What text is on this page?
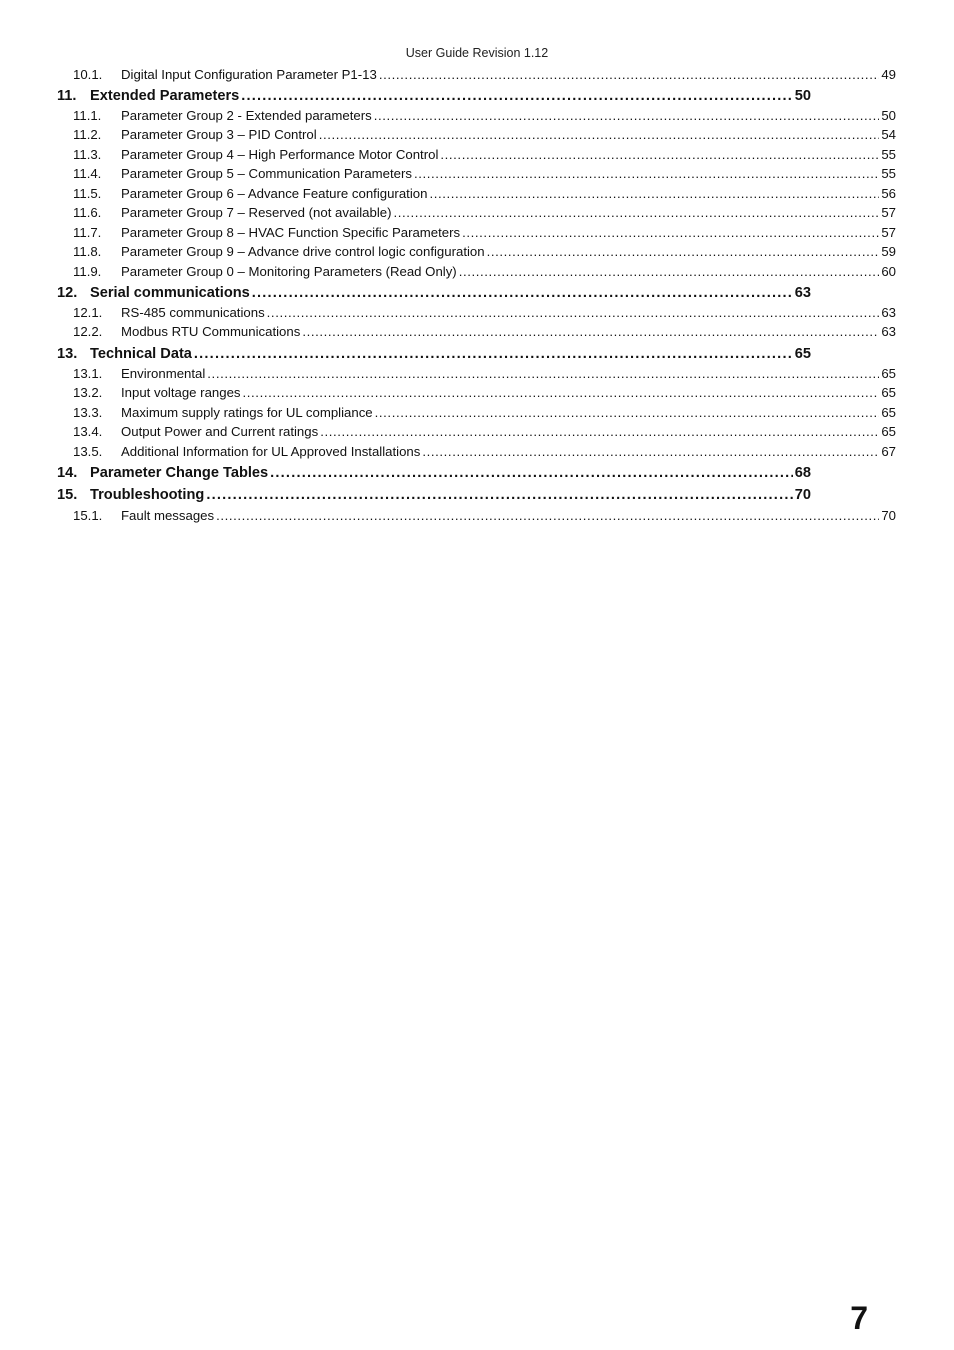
User Guide Revision 1.12
10.1.	Digital Input Configuration Parameter P1-13 .....	49
11. Extended Parameters .....	50
11.1.	Parameter Group 2 - Extended parameters .....	50
11.2.	Parameter Group 3 – PID Control .....	54
11.3.	Parameter Group 4 – High Performance Motor Control .....	55
11.4.	Parameter Group 5 – Communication Parameters .....	55
11.5.	Parameter Group 6 – Advance Feature configuration .....	56
11.6.	Parameter Group 7 – Reserved (not available) .....	57
11.7.	Parameter Group 8 – HVAC Function Specific Parameters .....	57
11.8.	Parameter Group 9 – Advance drive control logic configuration .....	59
11.9.	Parameter Group 0 – Monitoring Parameters (Read Only) .....	60
12. Serial communications .....	63
12.1.	RS-485 communications .....	63
12.2.	Modbus RTU Communications .....	63
13. Technical Data .....	65
13.1.	Environmental .....	65
13.2.	Input voltage ranges .....	65
13.3.	Maximum supply ratings for UL compliance .....	65
13.4.	Output Power and Current ratings .....	65
13.5.	Additional Information for UL Approved Installations .....	67
14. Parameter Change Tables .....	68
15. Troubleshooting .....	70
15.1.	Fault messages .....	70
7
